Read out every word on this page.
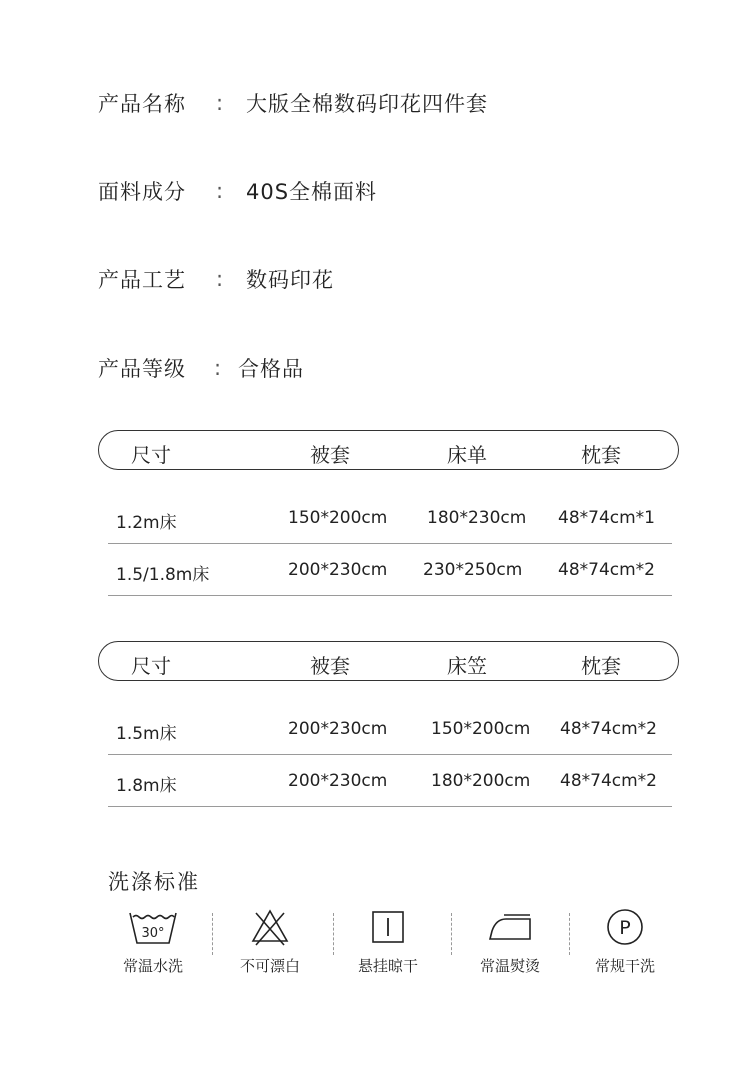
产品名称	:	大版全棉数码印花四件套
面料成分	:	40S全棉面料
产品工艺	:	数码印花
产品等级	: 合格品
尺寸	被套	床单	枕套
1.2m床	150*200cm 180*230cm 48*74cm*1
1.5/1.8m床	200*230cm 230*250cm 48*74cm*2
尺寸	被套	床笠	枕套
1.5m床	200*230cm	150*200cm 48*74cm*2
1.8m床	200*230cm	180*200cm 48*74cm*2
洗涤标准
30°
常温水洗	不可漂白	悬挂晾干	常温熨烫
P
常规干洗
